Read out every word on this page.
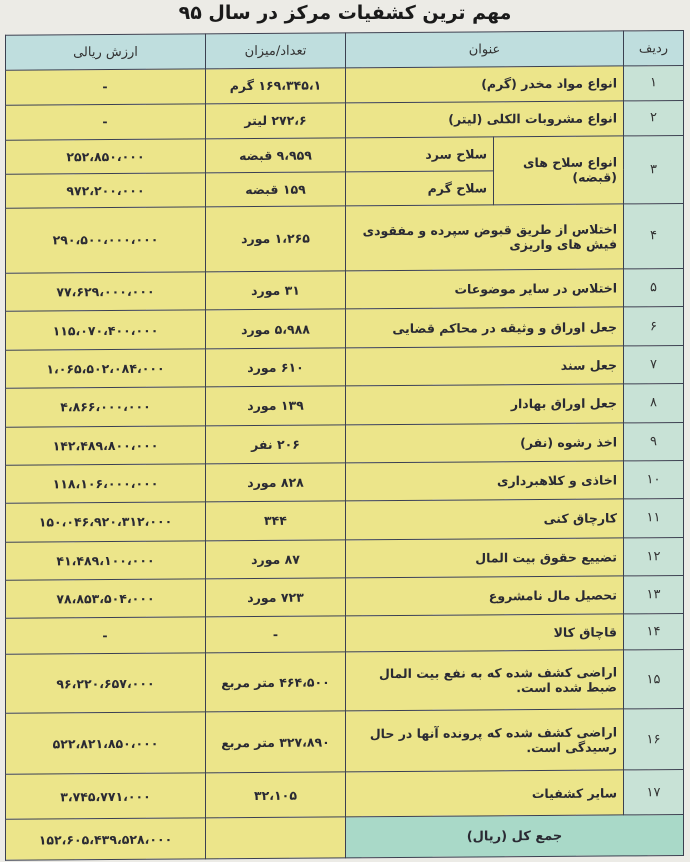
مهم ترین کشفیات مرکز در سال ۹۵
ردیف	عنوان		تعداد/میزان	ارزش ریالی
۱	انواع مواد مخدر (گرم)		۱۶۹،۳۴۵،۱ گرم	-
۲	انواع مشروبات الکلی (لیتر)		۲۷۲،۶ لیتر	-
۳	انواع سلاح های (قبضه)	سلاح سرد	۹،۹۵۹ قبضه	۲۵۲،۸۵۰،۰۰۰
		سلاح گرم	۱۵۹ قبضه	۹۷۲،۲۰۰،۰۰۰
۴	اختلاس از طریق قبوض سپرده و مفقودی فیش های واریزی		۱،۲۶۵ مورد	۲۹۰،۵۰۰،۰۰۰،۰۰۰
۵	اختلاس در سایر موضوعات		۳۱ مورد	۷۷،۶۲۹،۰۰۰،۰۰۰
۶	جعل اوراق و وثیقه در محاکم قضایی		۵،۹۸۸ مورد	۱۱۵،۰۷۰،۴۰۰،۰۰۰
۷	جعل سند		۶۱۰ مورد	۱،۰۶۵،۵۰۲،۰۸۴،۰۰۰
۸	جعل اوراق بهادار		۱۳۹ مورد	۴،۸۶۶،۰۰۰،۰۰۰
۹	اخذ رشوه (نفر)		۲۰۶ نفر	۱۴۲،۴۸۹،۸۰۰،۰۰۰
۱۰	اخاذی و کلاهبرداری		۸۲۸ مورد	۱۱۸،۱۰۶،۰۰۰،۰۰۰
۱۱	کارچاق کنی		۳۴۴	۱۵۰،۰۴۶،۹۲۰،۳۱۲،۰۰۰
۱۲	تضییع حقوق بیت المال		۸۷ مورد	۴۱،۴۸۹،۱۰۰،۰۰۰
۱۳	تحصیل مال نامشروع		۷۲۳ مورد	۷۸،۸۵۳،۵۰۴،۰۰۰
۱۴	قاچاق کالا		-	-
۱۵	اراضی کشف شده که به نفع بیت المال ضبط شده است.		۴۶۴،۵۰۰ متر مربع	۹۶،۲۲۰،۶۵۷،۰۰۰
۱۶	اراضی کشف شده که پرونده آنها در حال رسیدگی است.		۳۲۷،۸۹۰ متر مربع	۵۲۲،۸۲۱،۸۵۰،۰۰۰
۱۷	سایر کشفیات		۳۲،۱۰۵	۳،۷۴۵،۷۷۱،۰۰۰
جمع کل (ریال)				۱۵۲،۶۰۵،۴۳۹،۵۲۸،۰۰۰
